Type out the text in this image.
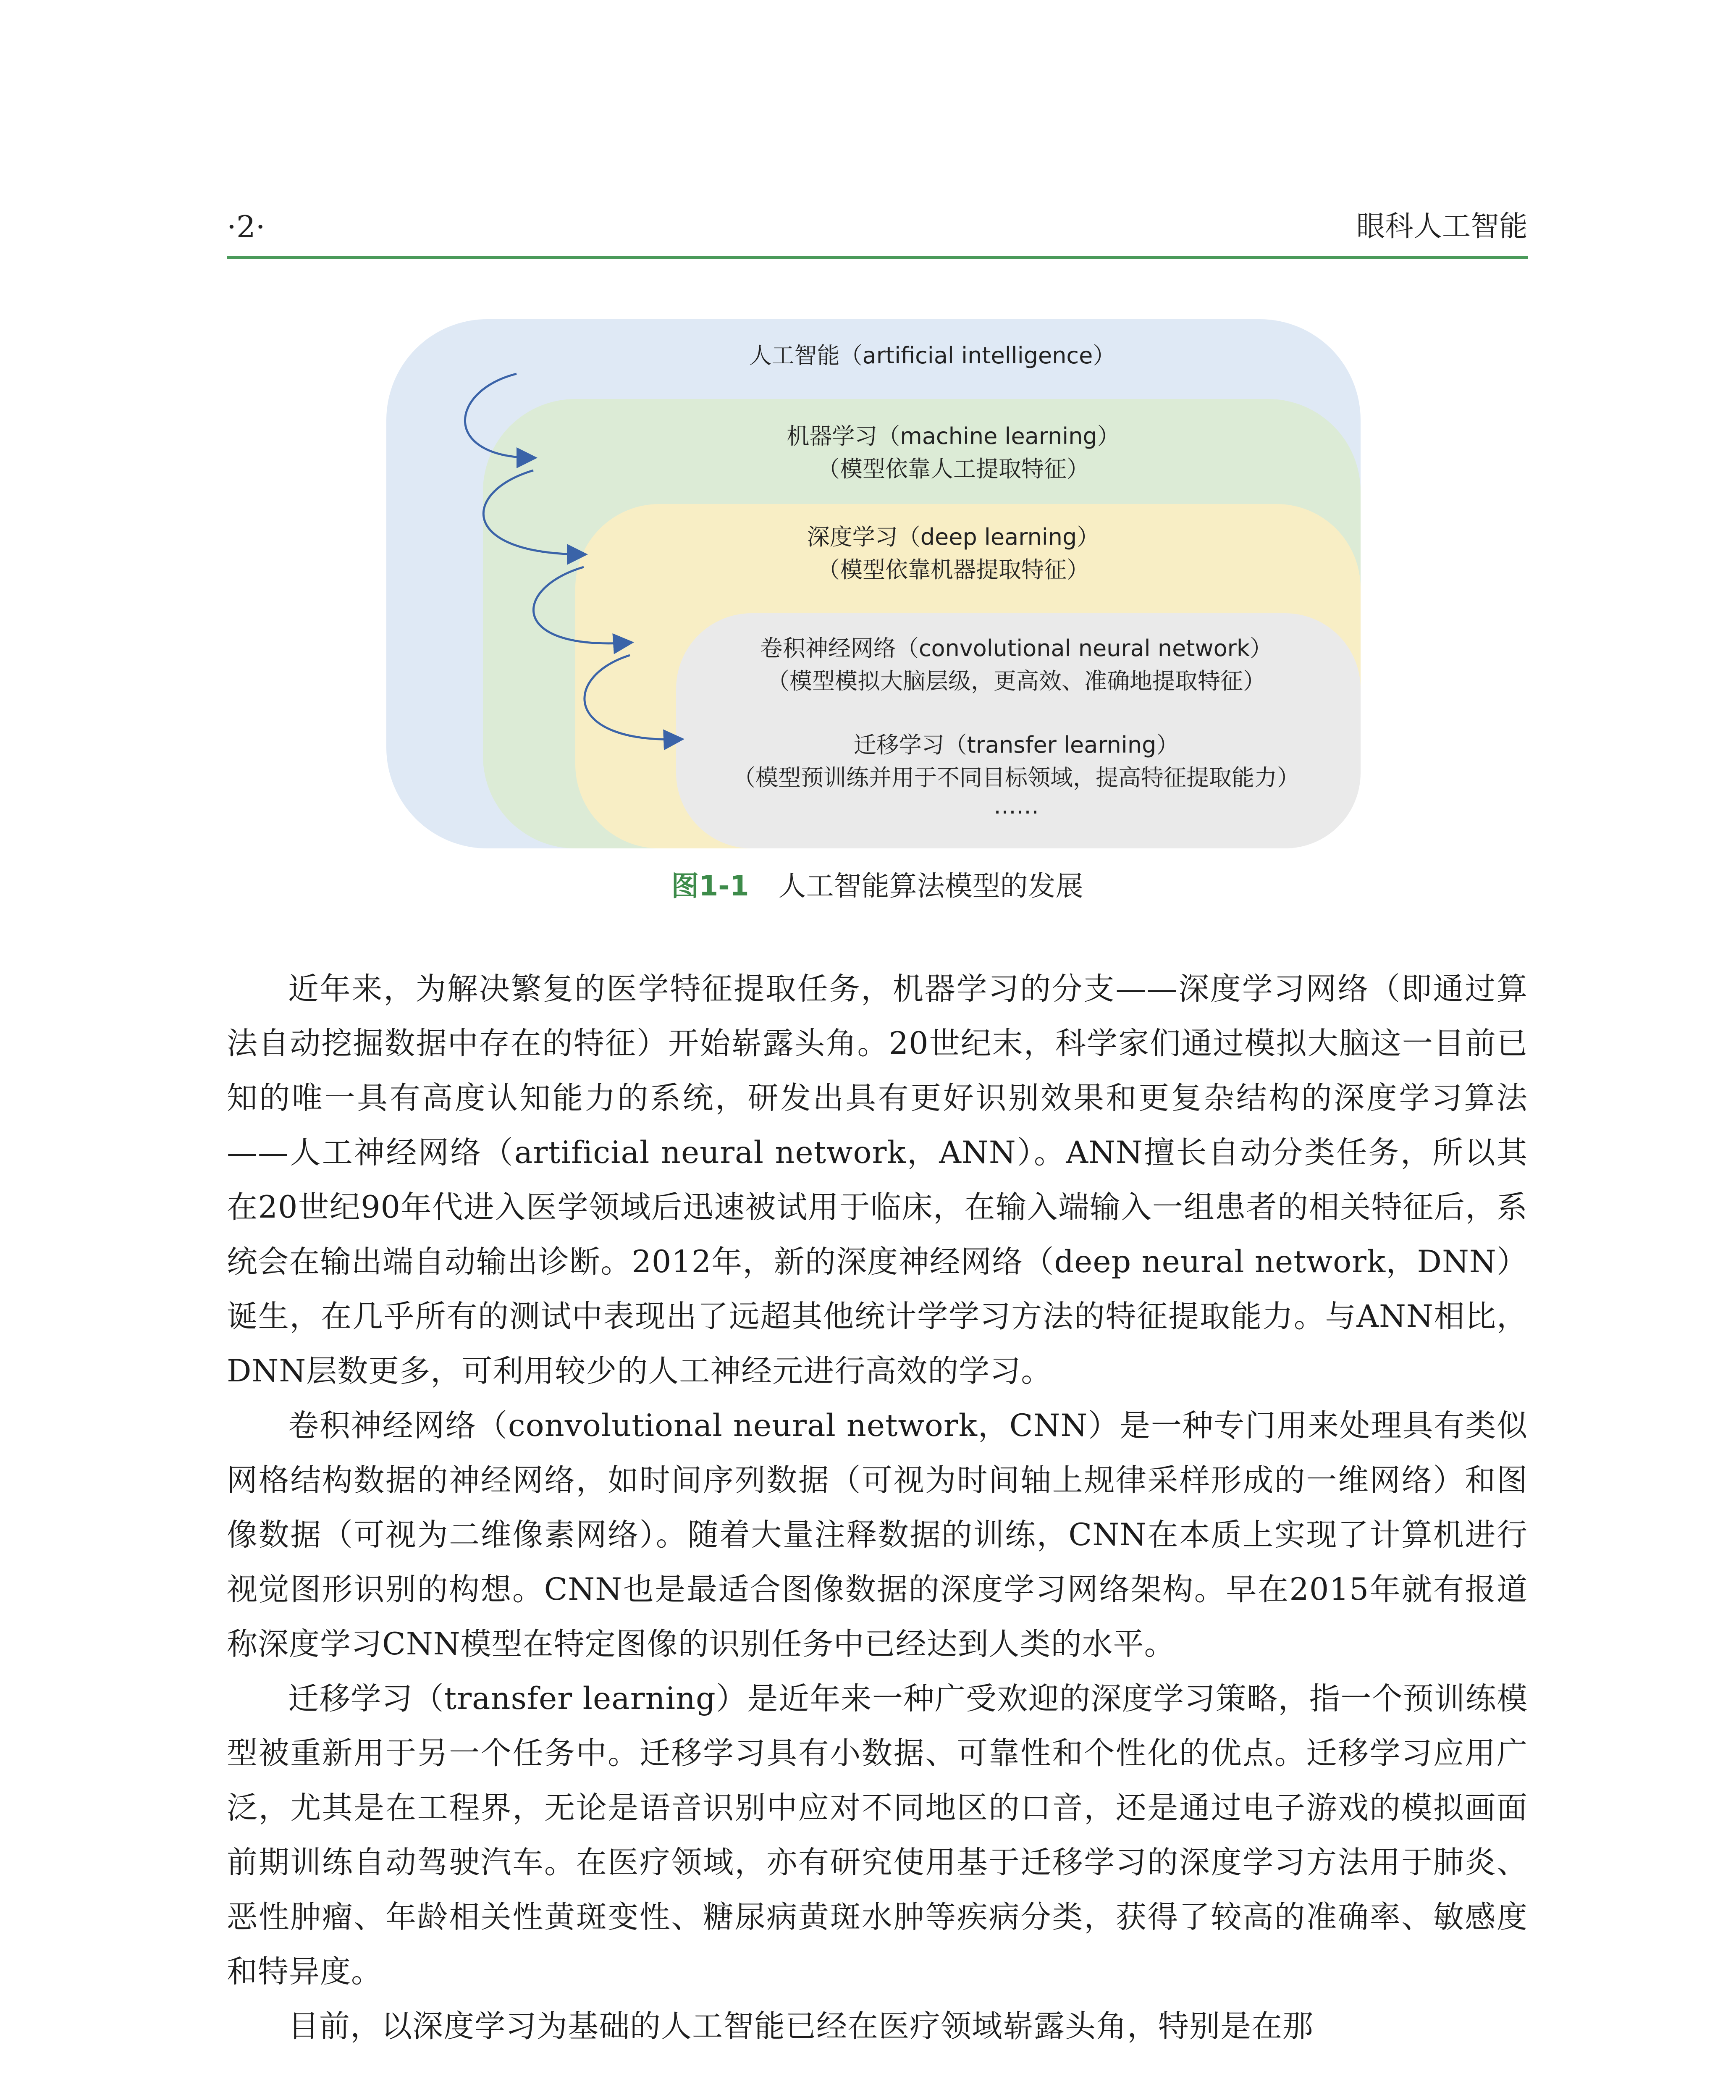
·2·	眼科人工智能
人工智能（artificial intelligence）
机器学习（machine learning）
（模型依靠人工提取特征）
深度学习（deep learning）
（模型依靠机器提取特征）
卷积神经网络（convolutional neural network）
（模型模拟大脑层级，更高效、准确地提取特征）
迁移学习（transfer learning）
（模型预训练并用于不同目标领域，提高特征提取能力）
……
图1-1 人工智能算法模型的发展

近年来，为解决繁复的医学特征提取任务，机器学习的分支——深度学习网络（即通过算法自动挖掘数据中存在的特征）开始崭露头角。20世纪末，科学家们通过模拟大脑这一目前已知的唯一具有高度认知能力的系统，研发出具有更好识别效果和更复杂结构的深度学习算法——人工神经网络（artificial neural network，ANN）。ANN擅长自动分类任务，所以其在20世纪90年代进入医学领域后迅速被试用于临床，在输入端输入一组患者的相关特征后，系统会在输出端自动输出诊断。2012年，新的深度神经网络（deep neural network，DNN）诞生，在几乎所有的测试中表现出了远超其他统计学学习方法的特征提取能力。与ANN相比，DNN层数更多，可利用较少的人工神经元进行高效的学习。

卷积神经网络（convolutional neural network，CNN）是一种专门用来处理具有类似网格结构数据的神经网络，如时间序列数据（可视为时间轴上规律采样形成的一维网络）和图像数据（可视为二维像素网络）。随着大量注释数据的训练，CNN在本质上实现了计算机进行视觉图形识别的构想。CNN也是最适合图像数据的深度学习网络架构。早在2015年就有报道称深度学习CNN模型在特定图像的识别任务中已经达到人类的水平。

迁移学习（transfer learning）是近年来一种广受欢迎的深度学习策略，指一个预训练模型被重新用于另一个任务中。迁移学习具有小数据、可靠性和个性化的优点。迁移学习应用广泛，尤其是在工程界，无论是语音识别中应对不同地区的口音，还是通过电子游戏的模拟画面前期训练自动驾驶汽车。在医疗领域，亦有研究使用基于迁移学习的深度学习方法用于肺炎、恶性肿瘤、年龄相关性黄斑变性、糖尿病黄斑水肿等疾病分类，获得了较高的准确率、敏感度和特异度。

目前，以深度学习为基础的人工智能已经在医疗领域崭露头角，特别是在那
